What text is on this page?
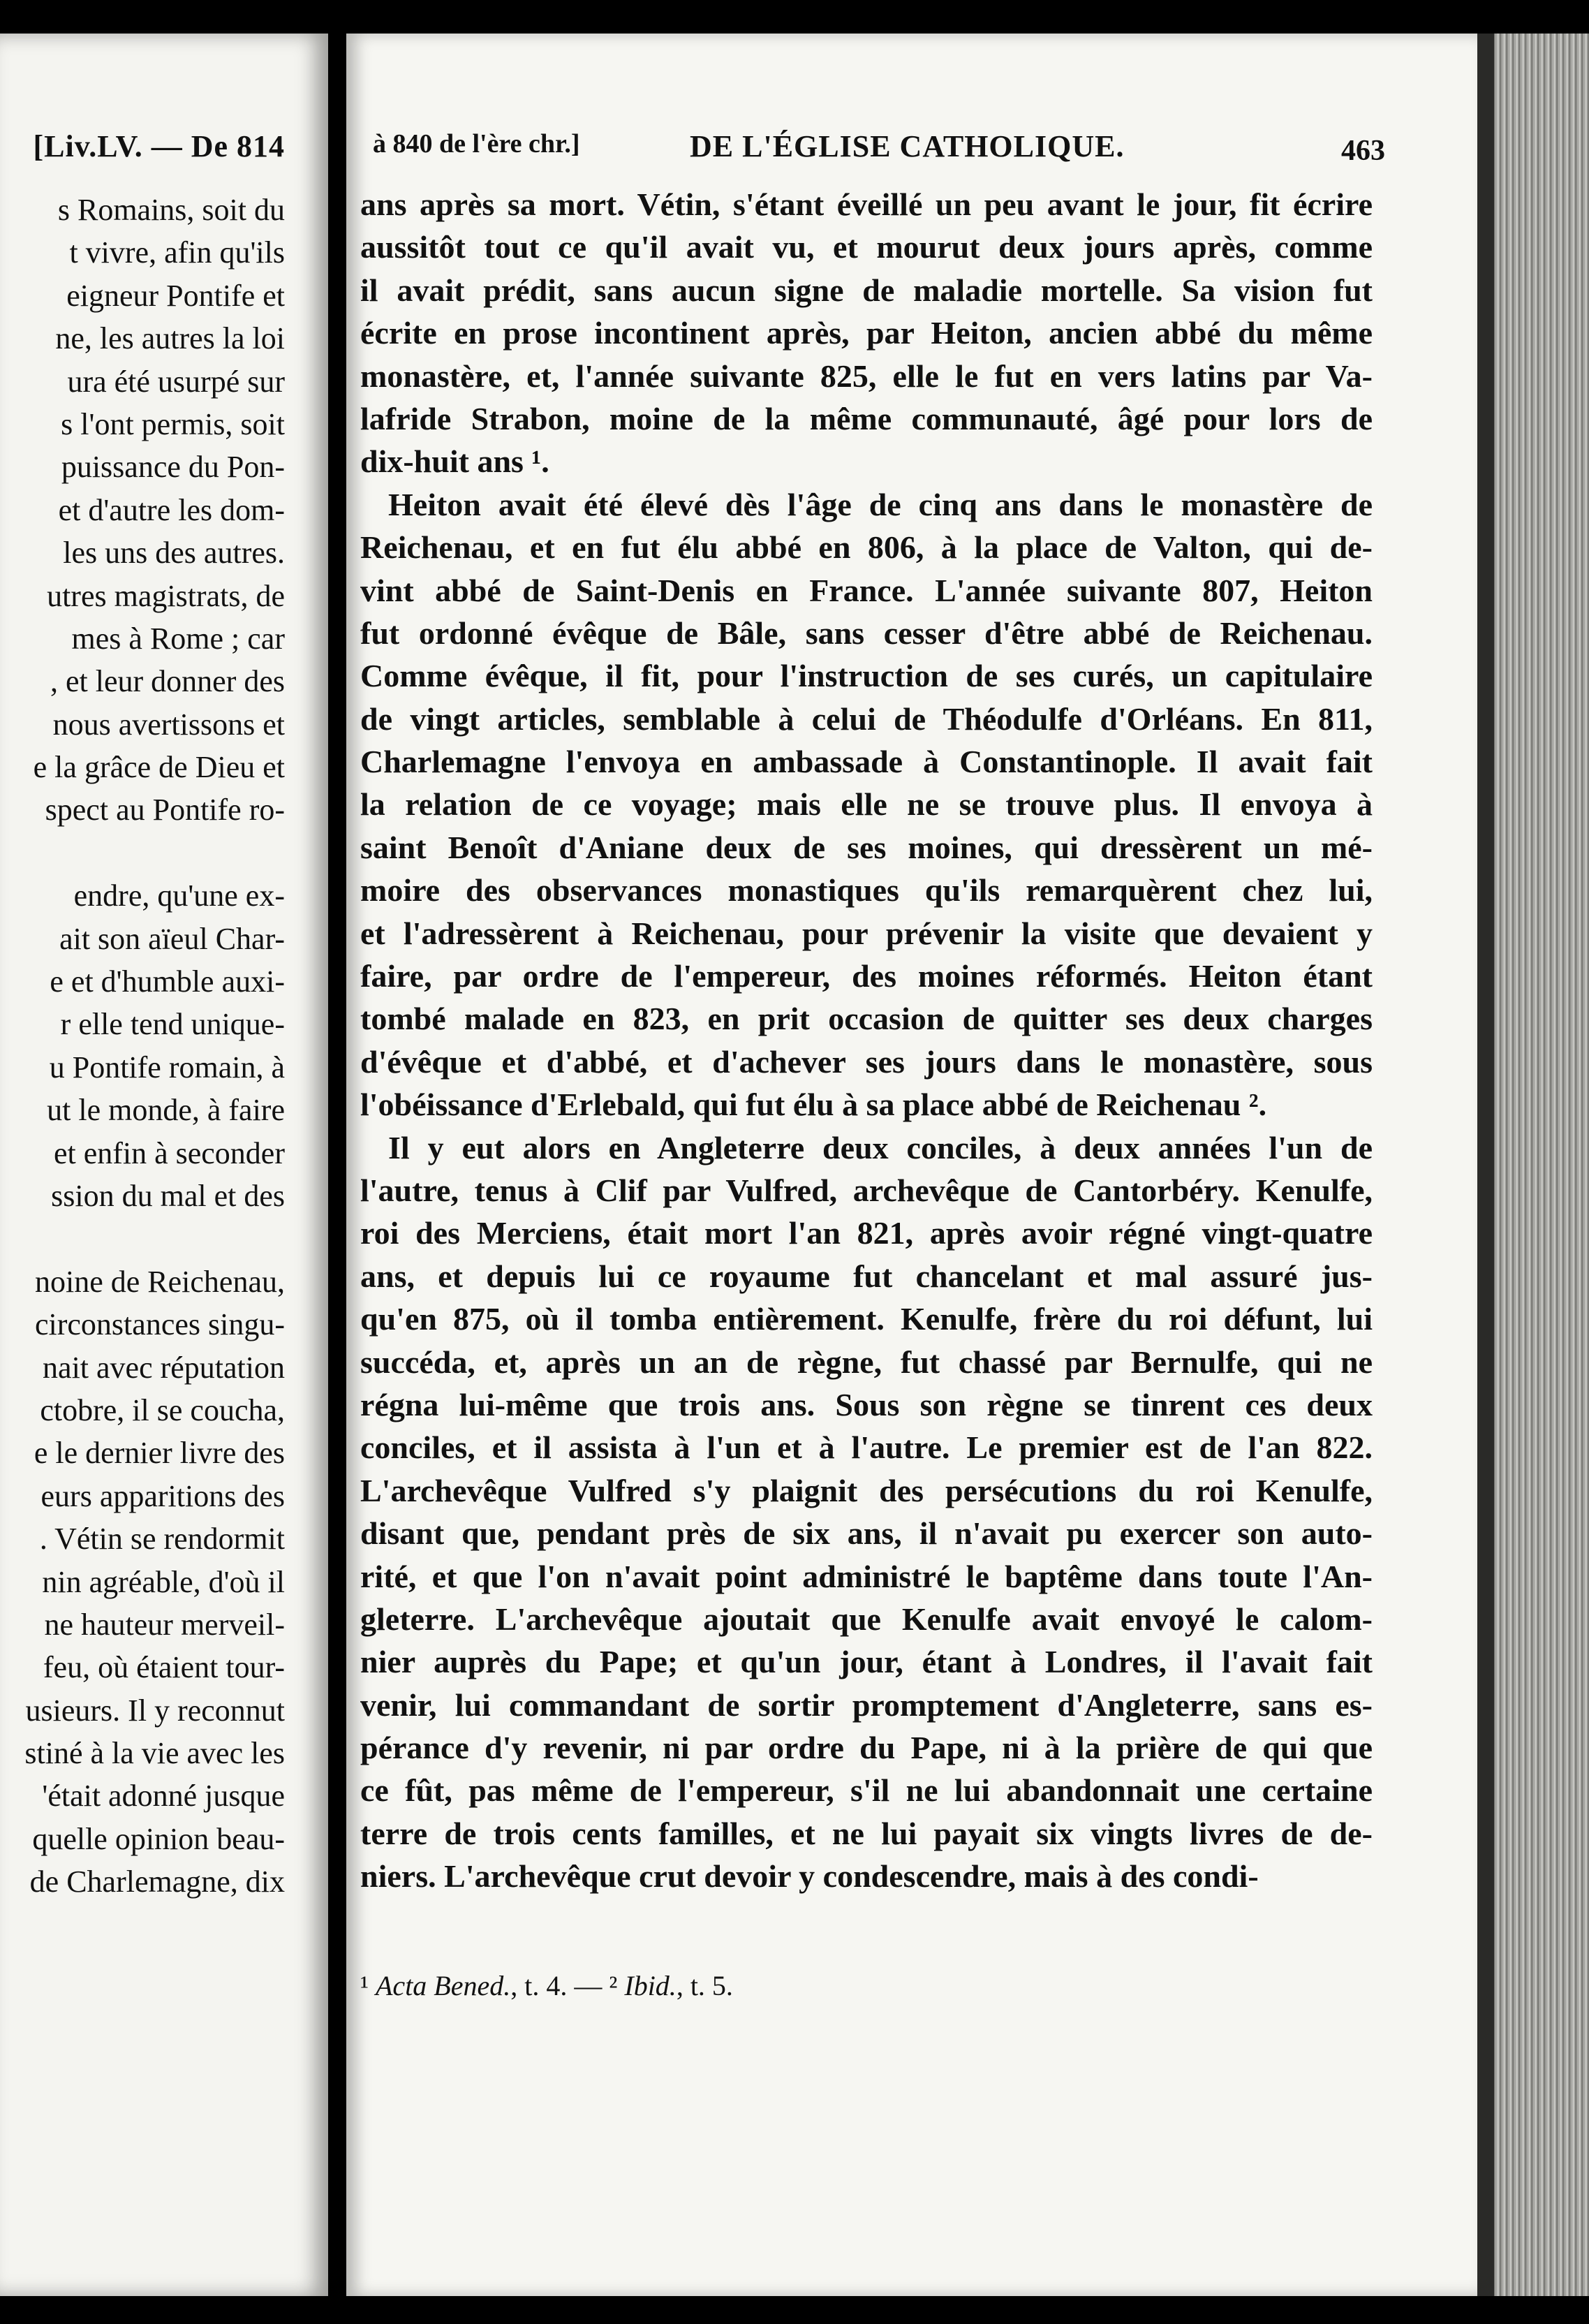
[Liv.LV. — De 814
s Romains, soit du
t vivre, afin qu'ils
eigneur Pontife et
ne, les autres la loi
ura été usurpé sur
s l'ont permis, soit
puissance du Pon-
et d'autre les dom-
les uns des autres.
utres magistrats, de
mes à Rome ; car
, et leur donner des
nous avertissons et
e la grâce de Dieu et
spect au Pontife ro-
endre, qu'une ex-
ait son aïeul Char-
e et d'humble auxi-
r elle tend unique-
u Pontife romain, à
ut le monde, à faire
et enfin à seconder
ssion du mal et des
noine de Reichenau,
circonstances singu-
nait avec réputation
ctobre, il se coucha,
e le dernier livre des
eurs apparitions des
. Vétin se rendormit
nin agréable, d'où il
ne hauteur merveil-
feu, où étaient tour-
usieurs. Il y reconnut
stiné à la vie avec les
'était adonné jusque
quelle opinion beau-
de Charlemagne, dix
à 840 de l'ère chr.]	DE L'ÉGLISE CATHOLIQUE.	463
ans après sa mort. Vétin, s'étant éveillé un peu avant le jour, fit écrire
aussitôt tout ce qu'il avait vu, et mourut deux jours après, comme
il avait prédit, sans aucun signe de maladie mortelle. Sa vision fut
écrite en prose incontinent après, par Heiton, ancien abbé du même
monastère, et, l'année suivante 825, elle le fut en vers latins par Va-
lafride Strabon, moine de la même communauté, âgé pour lors de
dix-huit ans ¹.
Heiton avait été élevé dès l'âge de cinq ans dans le monastère de
Reichenau, et en fut élu abbé en 806, à la place de Valton, qui de-
vint abbé de Saint-Denis en France. L'année suivante 807, Heiton
fut ordonné évêque de Bâle, sans cesser d'être abbé de Reichenau.
Comme évêque, il fit, pour l'instruction de ses curés, un capitulaire
de vingt articles, semblable à celui de Théodulfe d'Orléans. En 811,
Charlemagne l'envoya en ambassade à Constantinople. Il avait fait
la relation de ce voyage; mais elle ne se trouve plus. Il envoya à
saint Benoît d'Aniane deux de ses moines, qui dressèrent un mé-
moire des observances monastiques qu'ils remarquèrent chez lui,
et l'adressèrent à Reichenau, pour prévenir la visite que devaient y
faire, par ordre de l'empereur, des moines réformés. Heiton étant
tombé malade en 823, en prit occasion de quitter ses deux charges
d'évêque et d'abbé, et d'achever ses jours dans le monastère, sous
l'obéissance d'Erlebald, qui fut élu à sa place abbé de Reichenau ².
Il y eut alors en Angleterre deux conciles, à deux années l'un de
l'autre, tenus à Clif par Vulfred, archevêque de Cantorbéry. Kenulfe,
roi des Merciens, était mort l'an 821, après avoir régné vingt-quatre
ans, et depuis lui ce royaume fut chancelant et mal assuré jus-
qu'en 875, où il tomba entièrement. Kenulfe, frère du roi défunt, lui
succéda, et, après un an de règne, fut chassé par Bernulfe, qui ne
régna lui-même que trois ans. Sous son règne se tinrent ces deux
conciles, et il assista à l'un et à l'autre. Le premier est de l'an 822.
L'archevêque Vulfred s'y plaignit des persécutions du roi Kenulfe,
disant que, pendant près de six ans, il n'avait pu exercer son auto-
rité, et que l'on n'avait point administré le baptême dans toute l'An-
gleterre. L'archevêque ajoutait que Kenulfe avait envoyé le calom-
nier auprès du Pape; et qu'un jour, étant à Londres, il l'avait fait
venir, lui commandant de sortir promptement d'Angleterre, sans es-
pérance d'y revenir, ni par ordre du Pape, ni à la prière de qui que
ce fût, pas même de l'empereur, s'il ne lui abandonnait une certaine
terre de trois cents familles, et ne lui payait six vingts livres de de-
niers. L'archevêque crut devoir y condescendre, mais à des condi-
¹ Acta Bened., t. 4. — ² Ibid., t. 5.
